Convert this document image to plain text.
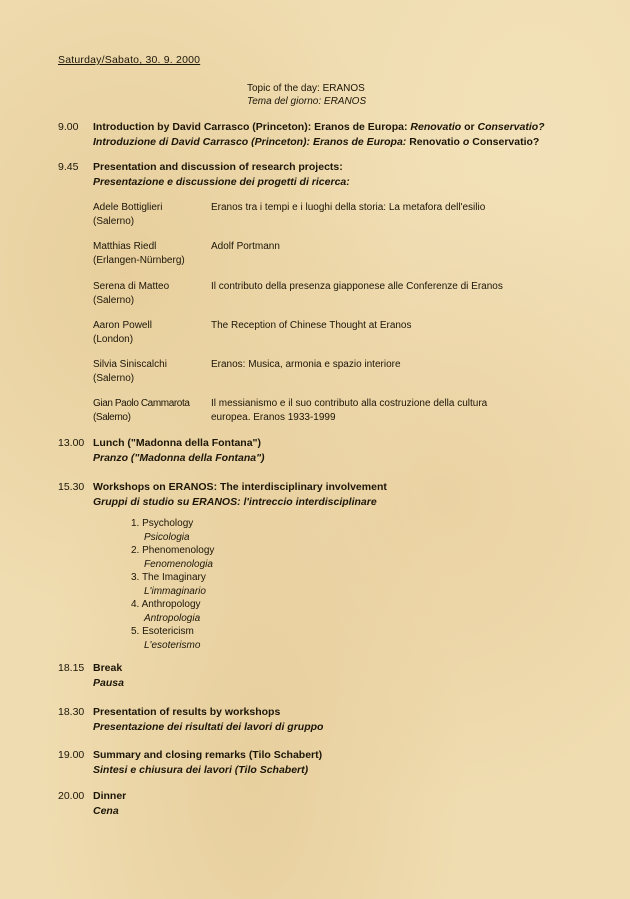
Saturday/Sabato, 30. 9. 2000
Topic of the day: ERANOS
Tema del giorno: ERANOS
9.00	Introduction by David Carrasco (Princeton): Eranos de Europa: Renovatio or Conservatio?
Introduzione di David Carrasco (Princeton): Eranos de Europa: Renovatio o Conservatio?
9.45	Presentation and discussion of research projects:
Presentazione e discussione dei progetti di ricerca:
Adele Bottiglieri
(Salerno)
Eranos tra i tempi e i luoghi della storia: La metafora dell'esilio
Matthias Riedl
(Erlangen-Nürnberg)
Adolf Portmann
Serena di Matteo
(Salerno)
Il contributo della presenza giapponese alle Conferenze di Eranos
Aaron Powell
(London)
The Reception of Chinese Thought at Eranos
Silvia Siniscalchi
(Salerno)
Eranos: Musica, armonia e spazio interiore
Gian Paolo Cammarota
(Salerno)
Il messianismo e il suo contributo alla costruzione della cultura europea. Eranos 1933-1999
13.00 Lunch ("Madonna della Fontana")
Pranzo ("Madonna della Fontana")
15.30 Workshops on ERANOS: The interdisciplinary involvement
Gruppi di studio su ERANOS: l'intreccio interdisciplinare
1. Psychology
Psicologia
2. Phenomenology
Fenomenologia
3. The Imaginary
L'immaginario
4. Anthropology
Antropologia
5. Esotericism
L'esoterismo
18.15 Break
Pausa
18.30 Presentation of results by workshops
Presentazione dei risultati dei lavori di gruppo
19.00 Summary and closing remarks (Tilo Schabert)
Sintesi e chiusura dei lavori (Tilo Schabert)
20.00 Dinner
Cena
